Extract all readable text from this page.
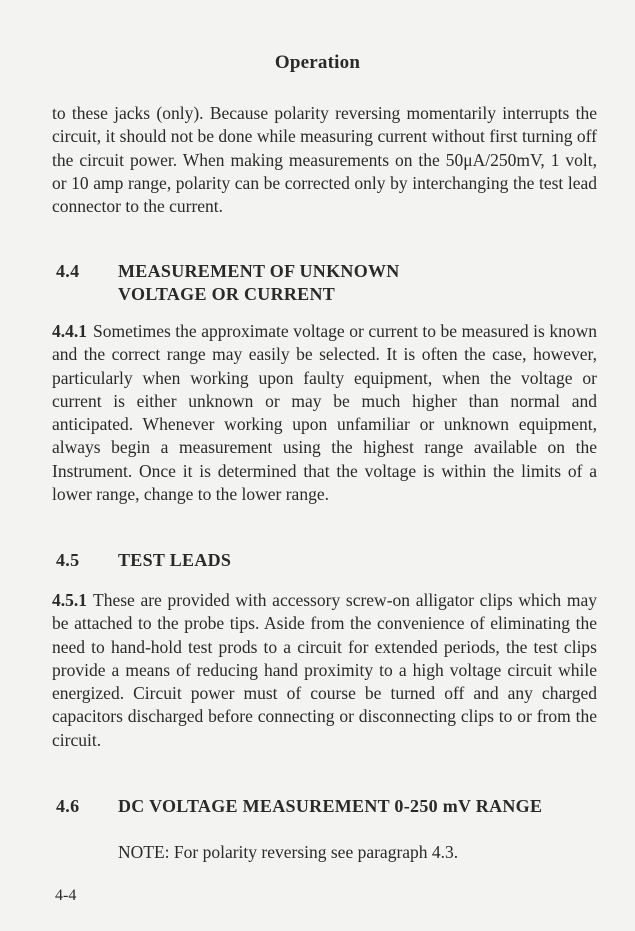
Operation

to these jacks (only). Because polarity reversing momentarily interrupts the circuit, it should not be done while measuring current without first turning off the circuit power. When making measurements on the 50μA/250mV, 1 volt, or 10 amp range, polarity can be corrected only by interchanging the test lead connector to the current.

4.4 MEASUREMENT OF UNKNOWN
VOLTAGE OR CURRENT

4.4.1 Sometimes the approximate voltage or current to be measured is known and the correct range may easily be selected. It is often the case, however, particularly when working upon faulty equipment, when the voltage or current is either unknown or may be much higher than normal and anticipated. Whenever working upon unfamiliar or unknown equipment, always begin a measurement using the highest range available on the Instrument. Once it is determined that the voltage is within the limits of a lower range, change to the lower range.

4.5 TEST LEADS

4.5.1 These are provided with accessory screw-on alligator clips which may be attached to the probe tips. Aside from the convenience of eliminating the need to hand-hold test prods to a circuit for extended periods, the test clips provide a means of reducing hand proximity to a high voltage circuit while energized. Circuit power must of course be turned off and any charged capacitors discharged before connecting or disconnecting clips to or from the circuit.

4.6 DC VOLTAGE MEASUREMENT 0-250 mV RANGE
NOTE: For polarity reversing see paragraph 4.3.
4-4
